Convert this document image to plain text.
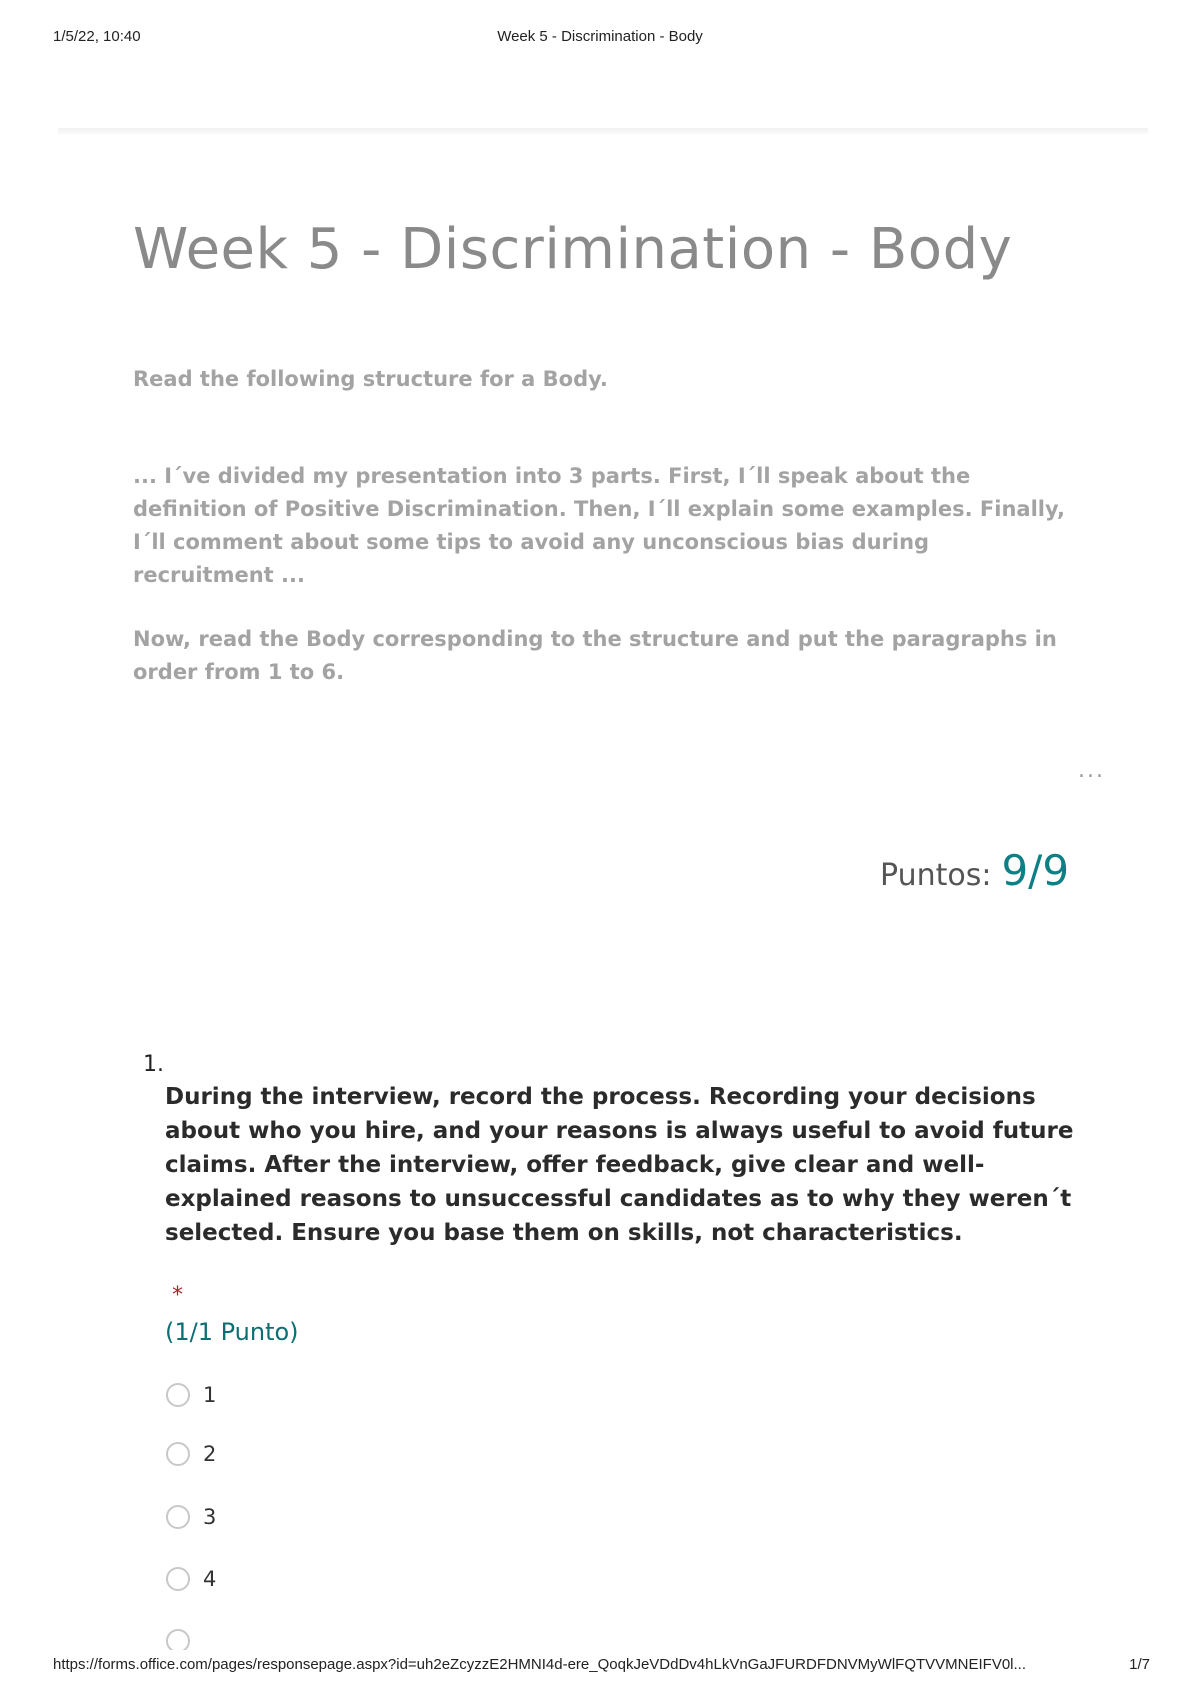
1/5/22, 10:40	Week 5 - Discrimination - Body
Week 5 - Discrimination - Body

Read the following structure for a Body.

... I´ve divided my presentation into 3 parts. First, I´ll speak about the definition of Positive Discrimination. Then, I´ll explain some examples. Finally, I´ll comment about some tips to avoid any unconscious bias during recruitment ...

Now, read the Body corresponding to the structure and put the paragraphs in order from 1 to 6.

...
Puntos: 9/9
1.

During the interview, record the process. Recording your decisions about who you hire, and your reasons is always useful to avoid future claims. After the interview, offer feedback, give clear and well-explained reasons to unsuccessful candidates as to why they weren´t selected. Ensure you base them on skills, not characteristics.

*
(1/1 Punto)
1
2
3
4
https://forms.office.com/pages/responsepage.aspx?id=uh2eZcyzzE2HMNI4d-ere_QoqkJeVDdDv4hLkVnGaJFURDFDNVMyWlFQTVVMNEIFV0l...	1/7
